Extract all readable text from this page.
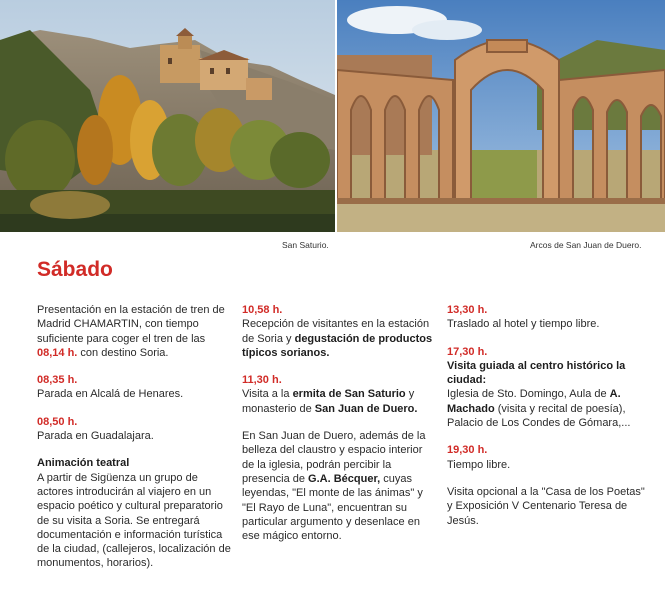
San Saturio.	Arcos de San Juan de Duero.
Sábado

Presentación en la estación de tren de Madrid CHAMARTIN, con tiempo suficiente para coger el tren de las 08,14 h. con destino Soria.

08,35 h.

Parada en Alcalá de Henares.

08,50 h.

Parada en Guadalajara.

Animación teatral

A partir de Sigüenza un grupo de actores introducirán al viajero en un espacio poético y cultural preparatorio de su visita a Soria. Se entregará documentación e información turística de la ciudad, (callejeros, localización de monumentos, horarios).

10,58 h.

Recepción de visitantes en la estación de Soria y degustación de productos típicos sorianos.

11,30 h.

Visita a la ermita de San Saturio y monasterio de San Juan de Duero.

En San Juan de Duero, además de la belleza del claustro y espacio interior de la iglesia, podrán percibir la presencia de G.A. Bécquer, cuyas leyendas, "El monte de las ánimas" y "El Rayo de Luna", encuentran su particular argumento y desenlace en ese mágico entorno.

13,30 h.

Traslado al hotel y tiempo libre.

17,30 h.
Visita guiada al centro histórico la ciudad:

Iglesia de Sto. Domingo, Aula de A. Machado (visita y recital de poesía), Palacio de Los Condes de Gómara,...

19,30 h.

Tiempo libre.

Visita opcional a la "Casa de los Poetas" y Exposición V Centenario Teresa de Jesús.
